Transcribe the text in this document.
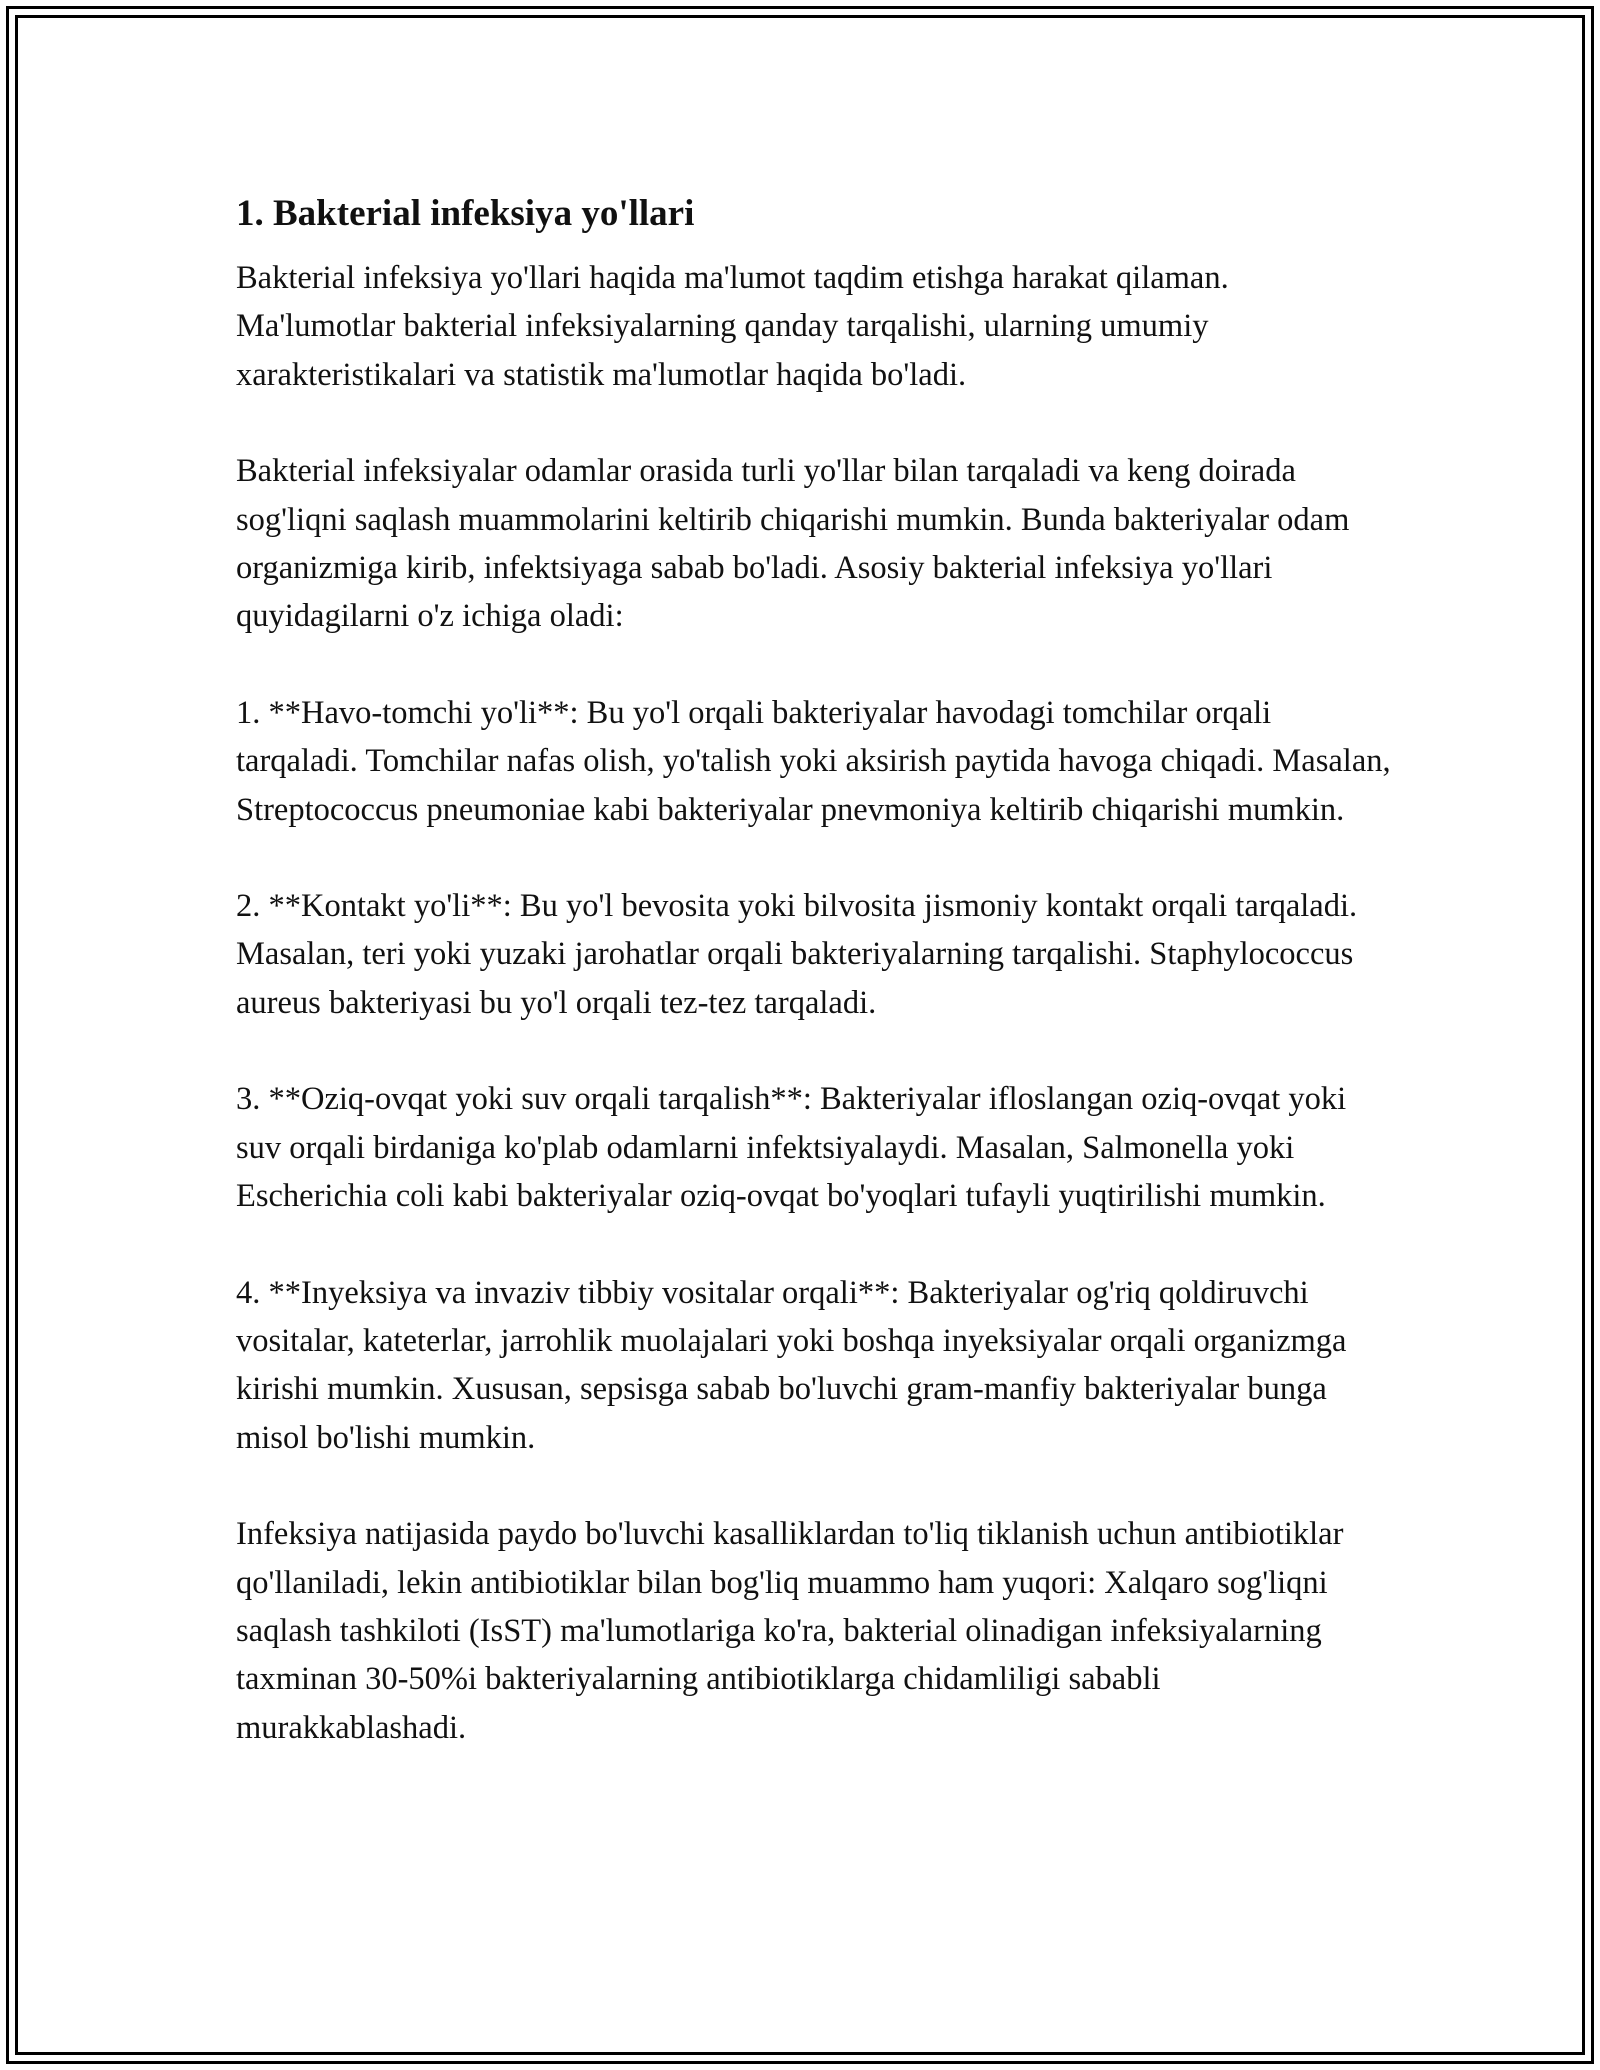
1. Bakterial infeksiya yo'llari

Bakterial infeksiya yo'llari haqida ma'lumot taqdim etishga harakat qilaman. Ma'lumotlar bakterial infeksiyalarning qanday tarqalishi, ularning umumiy xarakteristikalari va statistik ma'lumotlar haqida bo'ladi.

Bakterial infeksiyalar odamlar orasida turli yo'llar bilan tarqaladi va keng doirada sog'liqni saqlash muammolarini keltirib chiqarishi mumkin. Bunda bakteriyalar odam organizmiga kirib, infektsiyaga sabab bo'ladi. Asosiy bakterial infeksiya yo'llari quyidagilarni o'z ichiga oladi:

1. **Havo-tomchi yo'li**: Bu yo'l orqali bakteriyalar havodagi tomchilar orqali tarqaladi. Tomchilar nafas olish, yo'talish yoki aksirish paytida havoga chiqadi. Masalan, Streptococcus pneumoniae kabi bakteriyalar pnevmoniya keltirib chiqarishi mumkin.

2. **Kontakt yo'li**: Bu yo'l bevosita yoki bilvosita jismoniy kontakt orqali tarqaladi. Masalan, teri yoki yuzaki jarohatlar orqali bakteriyalarning tarqalishi. Staphylococcus aureus bakteriyasi bu yo'l orqali tez-tez tarqaladi.

3. **Oziq-ovqat yoki suv orqali tarqalish**: Bakteriyalar ifloslangan oziq-ovqat yoki suv orqali birdaniga ko'plab odamlarni infektsiyalaydi. Masalan, Salmonella yoki Escherichia coli kabi bakteriyalar oziq-ovqat bo'yoqlari tufayli yuqtirilishi mumkin.

4. **Inyeksiya va invaziv tibbiy vositalar orqali**: Bakteriyalar og'riq qoldiruvchi vositalar, kateterlar, jarrohlik muolajalari yoki boshqa inyeksiyalar orqali organizmga kirishi mumkin. Xususan, sepsisga sabab bo'luvchi gram-manfiy bakteriyalar bunga misol bo'lishi mumkin.

Infeksiya natijasida paydo bo'luvchi kasalliklardan to'liq tiklanish uchun antibiotiklar qo'llaniladi, lekin antibiotiklar bilan bog'liq muammo ham yuqori: Xalqaro sog'liqni saqlash tashkiloti (IsST) ma'lumotlariga ko'ra, bakterial olinadigan infeksiyalarning taxminan 30-50%i bakteriyalarning antibiotiklarga chidamliligi sababli murakkablashadi.
